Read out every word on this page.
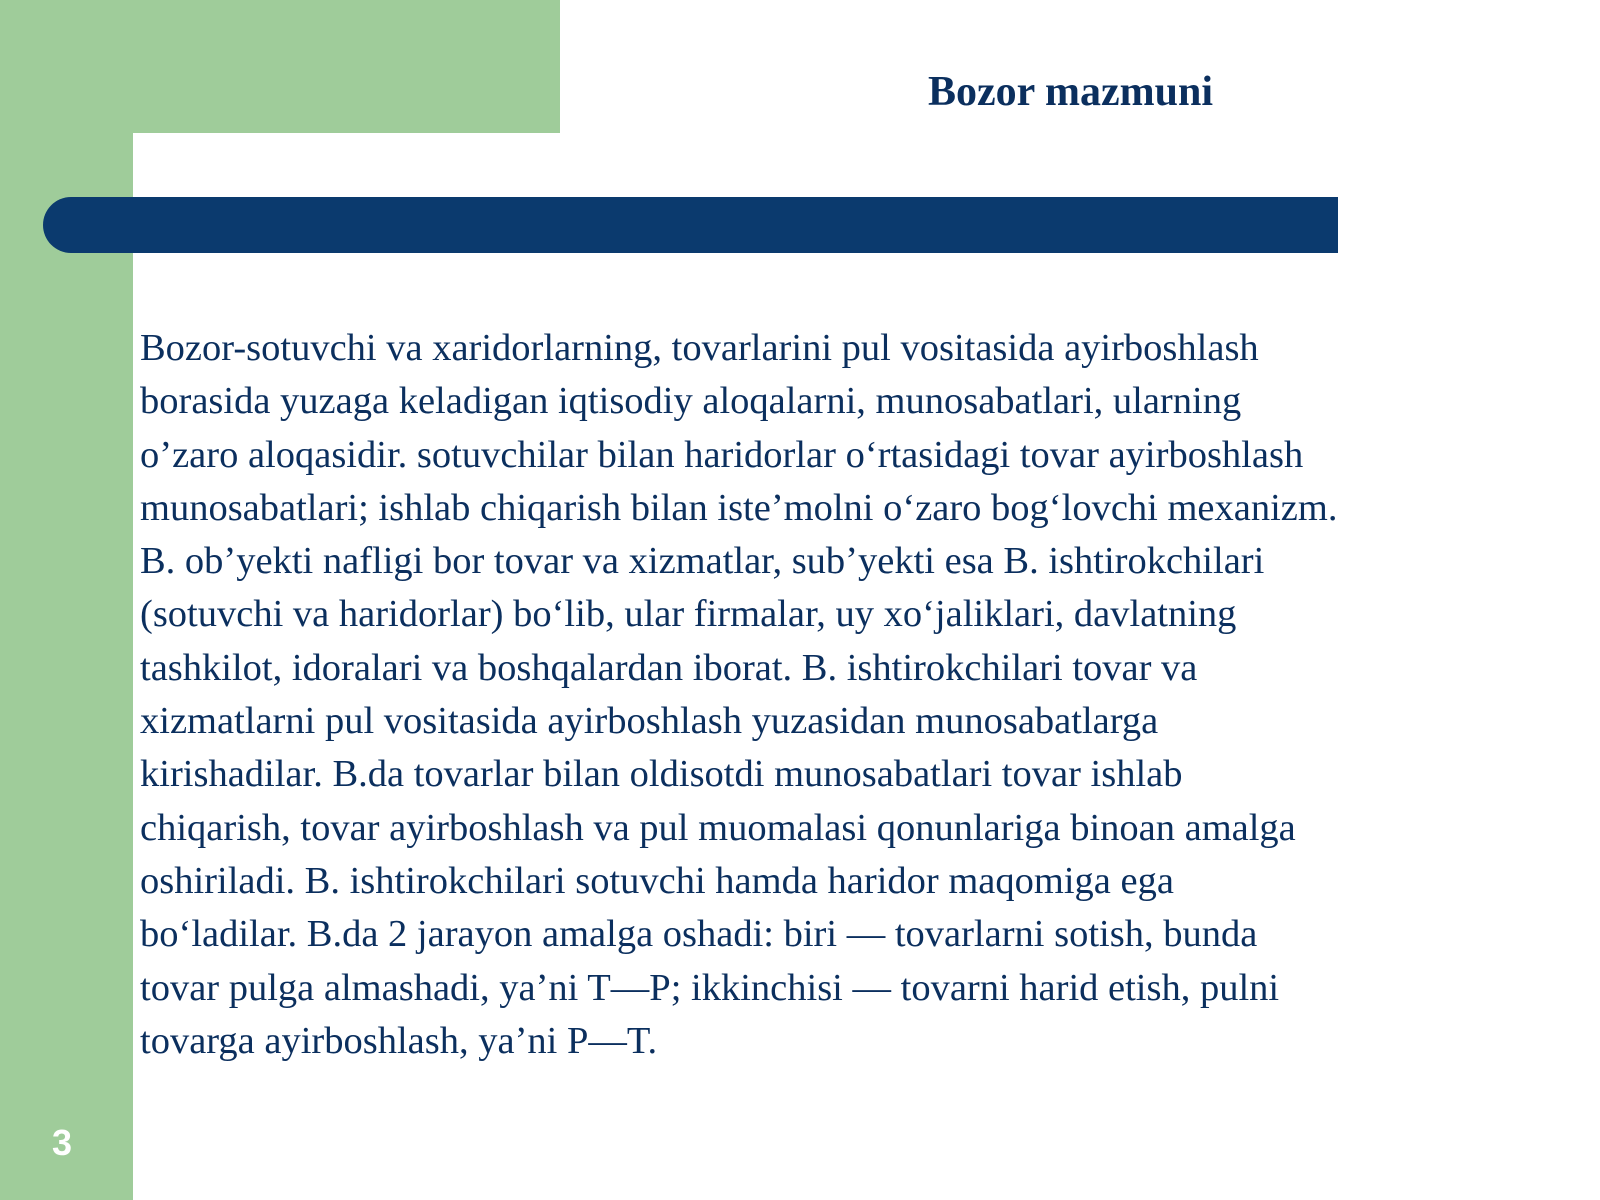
Bozor mazmuni
Bozor-sotuvchi va xaridorlarning, tovarlarini pul vositasida ayirboshlash
borasida yuzaga keladigan iqtisodiy aloqalarni, munosabatlari, ularning
o’zaro aloqasidir. sotuvchilar bilan haridorlar oʻrtasidagi tovar ayirboshlash
munosabatlari; ishlab chiqarish bilan isteʼmolni oʻzaro bogʻlovchi mexanizm.
B. obʼyekti nafligi bor tovar va xizmatlar, subʼyekti esa B. ishtirokchilari
(sotuvchi va haridorlar) boʻlib, ular firmalar, uy xoʻjaliklari, davlatning
tashkilot, idoralari va boshqalardan iborat. B. ishtirokchilari tovar va
xizmatlarni pul vositasida ayirboshlash yuzasidan munosabatlarga
kirishadilar. B.da tovarlar bilan oldisotdi munosabatlari tovar ishlab
chiqarish, tovar ayirboshlash va pul muomalasi qonunlariga binoan amalga
oshiriladi. B. ishtirokchilari sotuvchi hamda haridor maqomiga ega
boʻladilar. B.da 2 jarayon amalga oshadi: biri — tovarlarni sotish, bunda
tovar pulga almashadi, yaʼni T—P; ikkinchisi — tovarni harid etish, pulni
tovarga ayirboshlash, yaʼni P—T.
3
